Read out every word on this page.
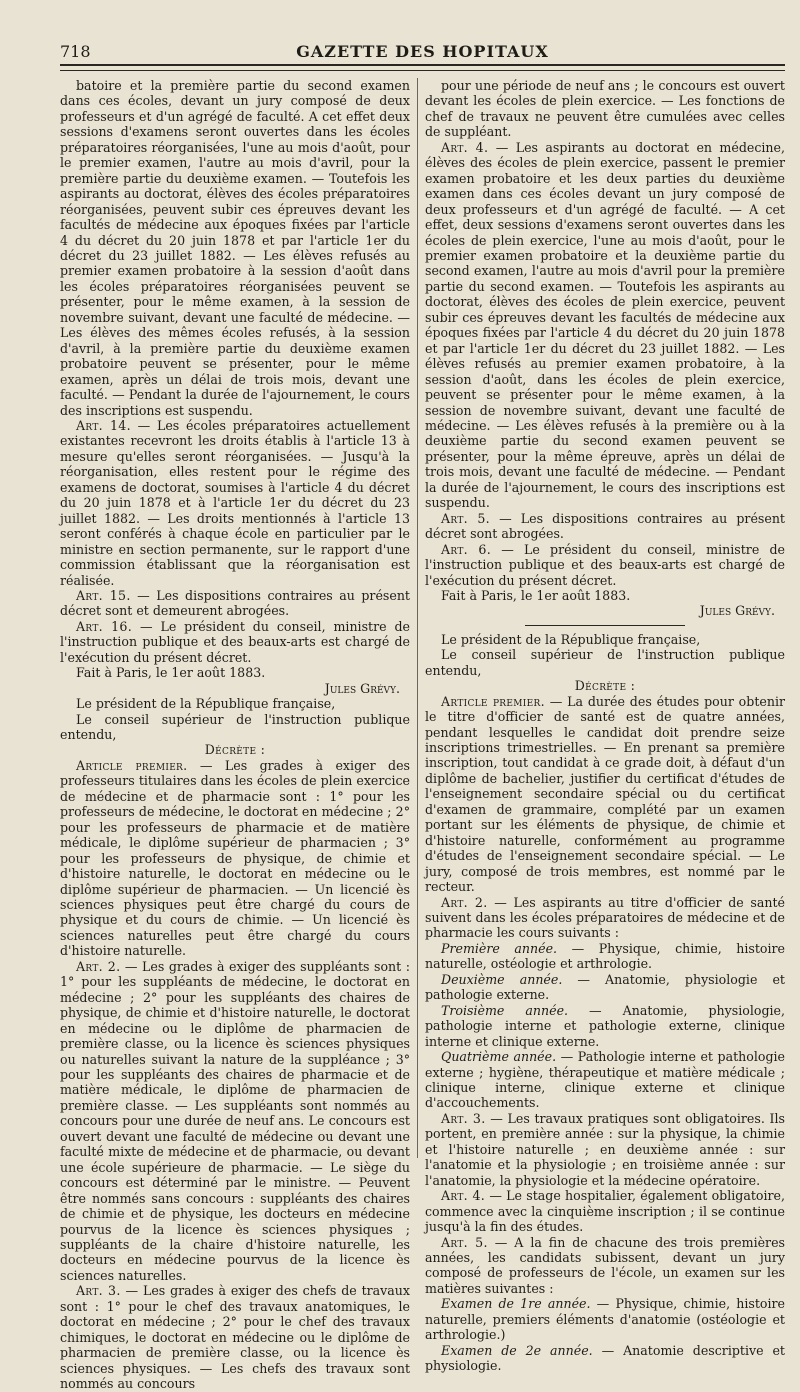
718	GAZETTE DES HOPITAUX

batoire et la première partie du second examen dans ces écoles, devant un jury composé de deux professeurs et d'un agrégé de faculté. A cet effet deux sessions d'examens seront ouvertes dans les écoles préparatoires réorganisées, l'une au mois d'août, pour le premier examen, l'autre au mois d'avril, pour la première partie du deuxième examen. — Toutefois les aspirants au doctorat, élèves des écoles préparatoires réorganisées, peuvent subir ces épreuves devant les facultés de médecine aux époques fixées par l'article 4 du décret du 20 juin 1878 et par l'article 1er du décret du 23 juillet 1882. — Les élèves refusés au premier examen probatoire à la session d'août dans les écoles préparatoires réorganisées peuvent se présenter, pour le même examen, à la session de novembre suivant, devant une faculté de médecine. — Les élèves des mêmes écoles refusés, à la session d'avril, à la première partie du deuxième examen probatoire peuvent se présenter, pour le même examen, après un délai de trois mois, devant une faculté. — Pendant la durée de l'ajournement, le cours des inscriptions est suspendu.

Art. 14. — Les écoles préparatoires actuellement existantes recevront les droits établis à l'article 13 à mesure qu'elles seront réorganisées. — Jusqu'à la réorganisation, elles restent pour le régime des examens de doctorat, soumises à l'article 4 du décret du 20 juin 1878 et à l'article 1er du décret du 23 juillet 1882. — Les droits mentionnés à l'article 13 seront conférés à chaque école en particulier par le ministre en section permanente, sur le rapport d'une commission établissant que la réorganisation est réalisée.

Art. 15. — Les dispositions contraires au présent décret sont et demeurent abrogées.

Art. 16. — Le président du conseil, ministre de l'instruction publique et des beaux-arts est chargé de l'exécution du présent décret.

Fait à Paris, le 1er août 1883.

Jules Grévy.

Le président de la République française,

Le conseil supérieur de l'instruction publique entendu,

Décrète :

Article premier. — Les grades à exiger des professeurs titulaires dans les écoles de plein exercice de médecine et de pharmacie sont : 1° pour les professeurs de médecine, le doctorat en médecine ; 2° pour les professeurs de pharmacie et de matière médicale, le diplôme supérieur de pharmacien ; 3° pour les professeurs de physique, de chimie et d'histoire naturelle, le doctorat en médecine ou le diplôme supérieur de pharmacien. — Un licencié ès sciences physiques peut être chargé du cours de physique et du cours de chimie. — Un licencié ès sciences naturelles peut être chargé du cours d'histoire naturelle.

Art. 2. — Les grades à exiger des suppléants sont : 1° pour les suppléants de médecine, le doctorat en médecine ; 2° pour les suppléants des chaires de physique, de chimie et d'histoire naturelle, le doctorat en médecine ou le diplôme de pharmacien de première classe, ou la licence ès sciences physiques ou naturelles suivant la nature de la suppléance ; 3° pour les suppléants des chaires de pharmacie et de matière médicale, le diplôme de pharmacien de première classe. — Les suppléants sont nommés au concours pour une durée de neuf ans. Le concours est ouvert devant une faculté de médecine ou devant une faculté mixte de médecine et de pharmacie, ou devant une école supérieure de pharmacie. — Le siège du concours est déterminé par le ministre. — Peuvent être nommés sans concours : suppléants des chaires de chimie et de physique, les docteurs en médecine pourvus de la licence ès sciences physiques ; suppléants de la chaire d'histoire naturelle, les docteurs en médecine pourvus de la licence ès sciences naturelles.

Art. 3. — Les grades à exiger des chefs de travaux sont : 1° pour le chef des travaux anatomiques, le doctorat en médecine ; 2° pour le chef des travaux chimiques, le doctorat en médecine ou le diplôme de pharmacien de première classe, ou la licence ès sciences physiques. — Les chefs des travaux sont nommés au concours

pour une période de neuf ans ; le concours est ouvert devant les écoles de plein exercice. — Les fonctions de chef de travaux ne peuvent être cumulées avec celles de suppléant.

Art. 4. — Les aspirants au doctorat en médecine, élèves des écoles de plein exercice, passent le premier examen probatoire et les deux parties du deuxième examen dans ces écoles devant un jury composé de deux professeurs et d'un agrégé de faculté. — A cet effet, deux sessions d'examens seront ouvertes dans les écoles de plein exercice, l'une au mois d'août, pour le premier examen probatoire et la deuxième partie du second examen, l'autre au mois d'avril pour la première partie du second examen. — Toutefois les aspirants au doctorat, élèves des écoles de plein exercice, peuvent subir ces épreuves devant les facultés de médecine aux époques fixées par l'article 4 du décret du 20 juin 1878 et par l'article 1er du décret du 23 juillet 1882. — Les élèves refusés au premier examen probatoire, à la session d'août, dans les écoles de plein exercice, peuvent se présenter pour le même examen, à la session de novembre suivant, devant une faculté de médecine. — Les élèves refusés à la première ou à la deuxième partie du second examen peuvent se présenter, pour la même épreuve, après un délai de trois mois, devant une faculté de médecine. — Pendant la durée de l'ajournement, le cours des inscriptions est suspendu.

Art. 5. — Les dispositions contraires au présent décret sont abrogées.

Art. 6. — Le président du conseil, ministre de l'instruction publique et des beaux-arts est chargé de l'exécution du présent décret.

Fait à Paris, le 1er août 1883.

Jules Grévy.

Le président de la République française,

Le conseil supérieur de l'instruction publique entendu,

Décrète :

Article premier. — La durée des études pour obtenir le titre d'officier de santé est de quatre années, pendant lesquelles le candidat doit prendre seize inscriptions trimestrielles. — En prenant sa première inscription, tout candidat à ce grade doit, à défaut d'un diplôme de bachelier, justifier du certificat d'études de l'enseignement secondaire spécial ou du certificat d'examen de grammaire, complété par un examen portant sur les éléments de physique, de chimie et d'histoire naturelle, conformément au programme d'études de l'enseignement secondaire spécial. — Le jury, composé de trois membres, est nommé par le recteur.

Art. 2. — Les aspirants au titre d'officier de santé suivent dans les écoles préparatoires de médecine et de pharmacie les cours suivants :

Première année. — Physique, chimie, histoire naturelle, ostéologie et arthrologie.

Deuxième année. — Anatomie, physiologie et pathologie externe.

Troisième année. — Anatomie, physiologie, pathologie interne et pathologie externe, clinique interne et clinique externe.

Quatrième année. — Pathologie interne et pathologie externe ; hygiène, thérapeutique et matière médicale ; clinique interne, clinique externe et clinique d'accouchements.

Art. 3. — Les travaux pratiques sont obligatoires. Ils portent, en première année : sur la physique, la chimie et l'histoire naturelle ; en deuxième année : sur l'anatomie et la physiologie ; en troisième année : sur l'anatomie, la physiologie et la médecine opératoire.

Art. 4. — Le stage hospitalier, également obligatoire, commence avec la cinquième inscription ; il se continue jusqu'à la fin des études.

Art. 5. — A la fin de chacune des trois premières années, les candidats subissent, devant un jury composé de professeurs de l'école, un examen sur les matières suivantes :

Examen de 1re année. — Physique, chimie, histoire naturelle, premiers éléments d'anatomie (ostéologie et arthrologie.)

Examen de 2e année. — Anatomie descriptive et physiologie.
